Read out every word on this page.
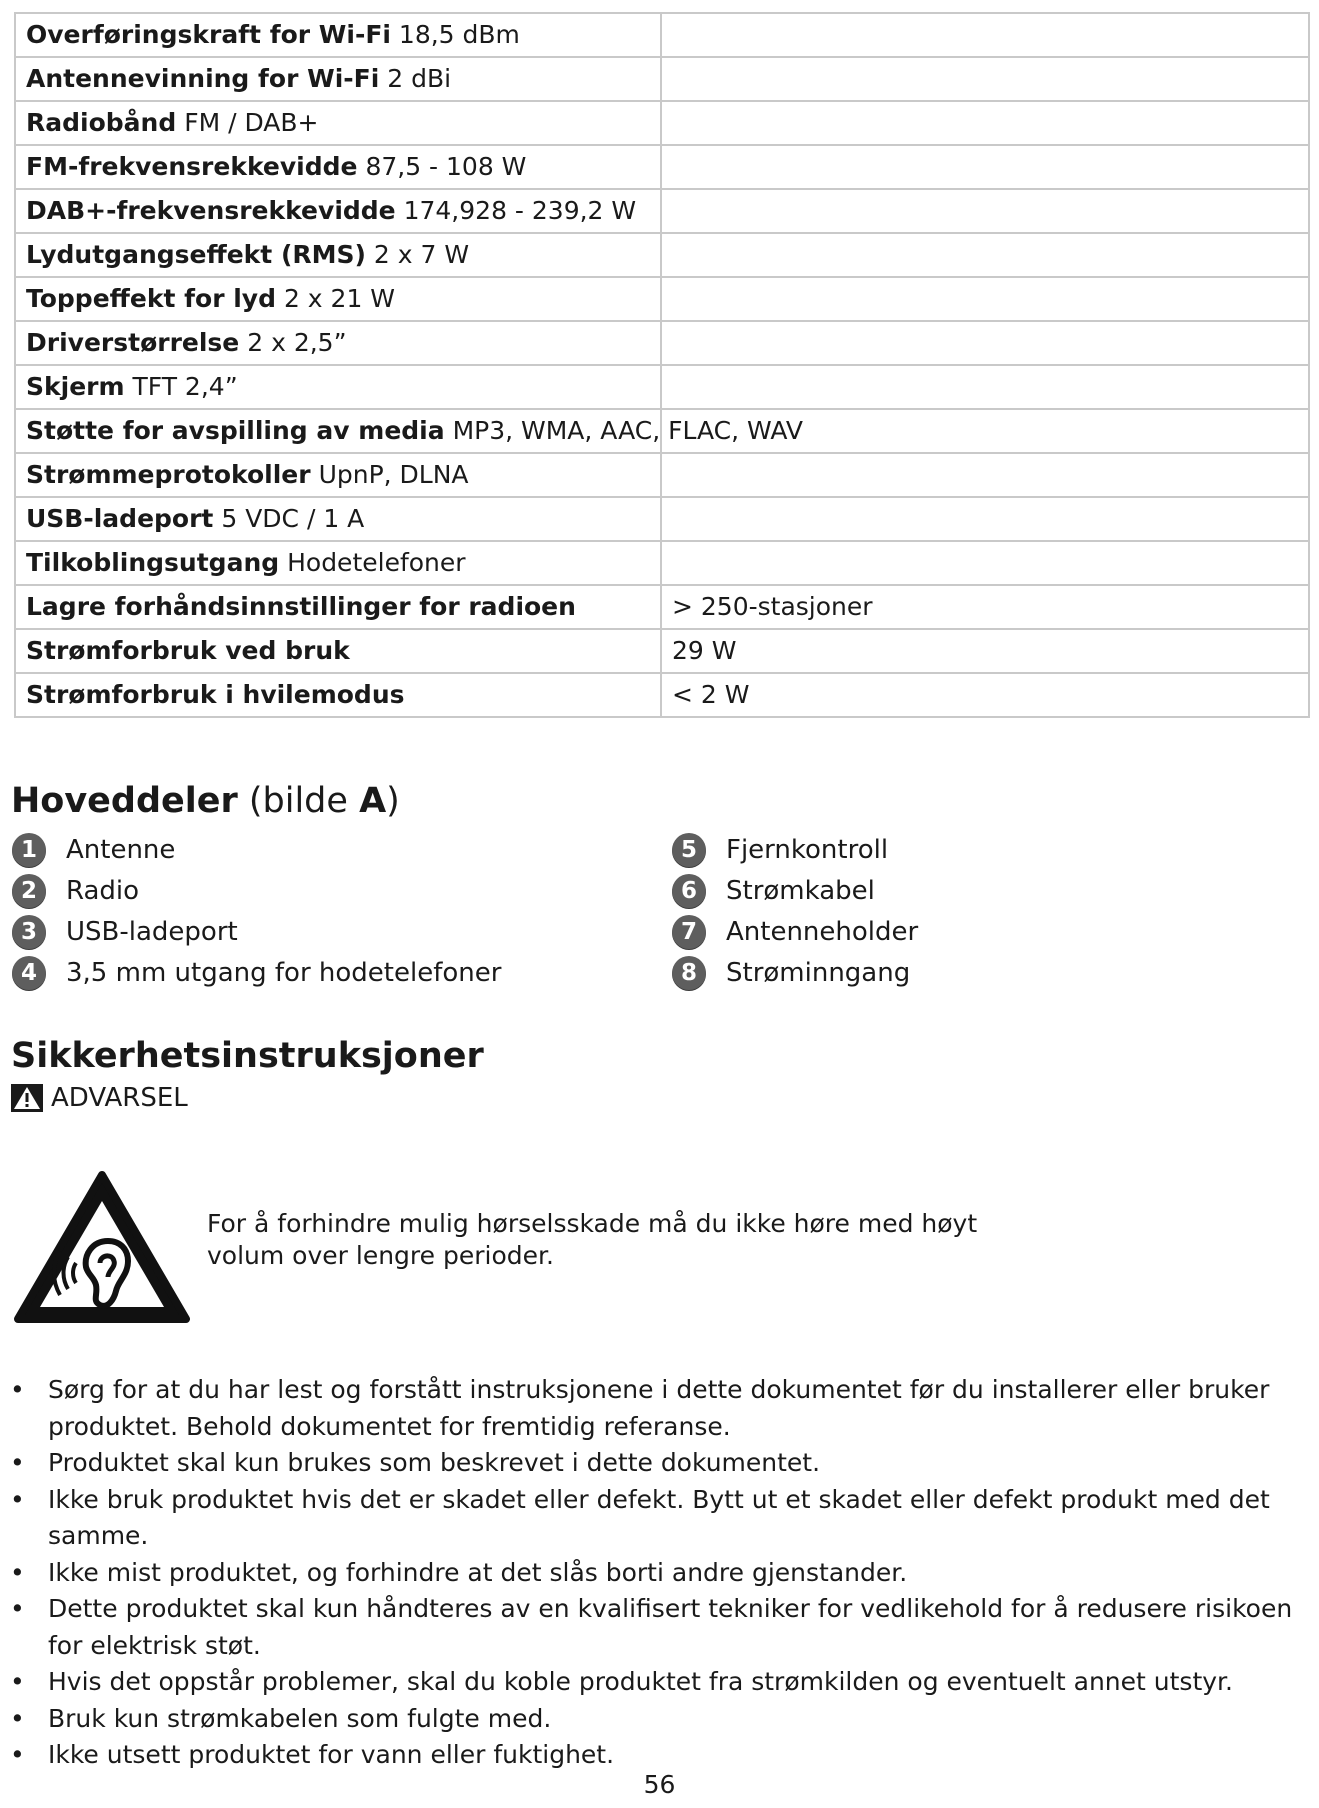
Overføringskraft for Wi-Fi 18,5 dBm	
Antennevinning for Wi-Fi 2 dBi	
Radiobånd FM / DAB+	
FM-frekvensrekkevidde 87,5 - 108 W	
DAB+-frekvensrekkevidde 174,928 - 239,2 W	
Lydutgangseffekt (RMS) 2 x 7 W	
Toppeffekt for lyd 2 x 21 W	
Driverstørrelse 2 x 2,5”	
Skjerm TFT 2,4”	
Støtte for avspilling av media MP3, WMA, AAC, FLAC, WAV	
Strømmeprotokoller UpnP, DLNA	
USB-ladeport 5 VDC / 1 A	
Tilkoblingsutgang Hodetelefoner	
Lagre forhåndsinnstillinger for radioen	> 250-stasjoner
Strømforbruk ved bruk	29 W
Strømforbruk i hvilemodus	< 2 W
Hoveddeler (bilde A)
1	Antenne
2	Radio
3	USB-ladeport
4	3,5 mm utgang for hodetelefoner
5	Fjernkontroll
6	Strømkabel
7	Antenneholder
8	Strøminngang
Sikkerhetsinstruksjoner
ADVARSEL
For å forhindre mulig hørselsskade må du ikke høre med høyt
volum over lengre perioder.
• Sørg for at du har lest og forstått instruksjonene i dette dokumentet før du installerer eller bruker produktet. Behold dokumentet for fremtidig referanse.
• Produktet skal kun brukes som beskrevet i dette dokumentet.
• Ikke bruk produktet hvis det er skadet eller defekt. Bytt ut et skadet eller defekt produkt med det samme.
• Ikke mist produktet, og forhindre at det slås borti andre gjenstander.
• Dette produktet skal kun håndteres av en kvalifisert tekniker for vedlikehold for å redusere risikoen for elektrisk støt.
• Hvis det oppstår problemer, skal du koble produktet fra strømkilden og eventuelt annet utstyr.
• Bruk kun strømkabelen som fulgte med.
• Ikke utsett produktet for vann eller fuktighet.
56
